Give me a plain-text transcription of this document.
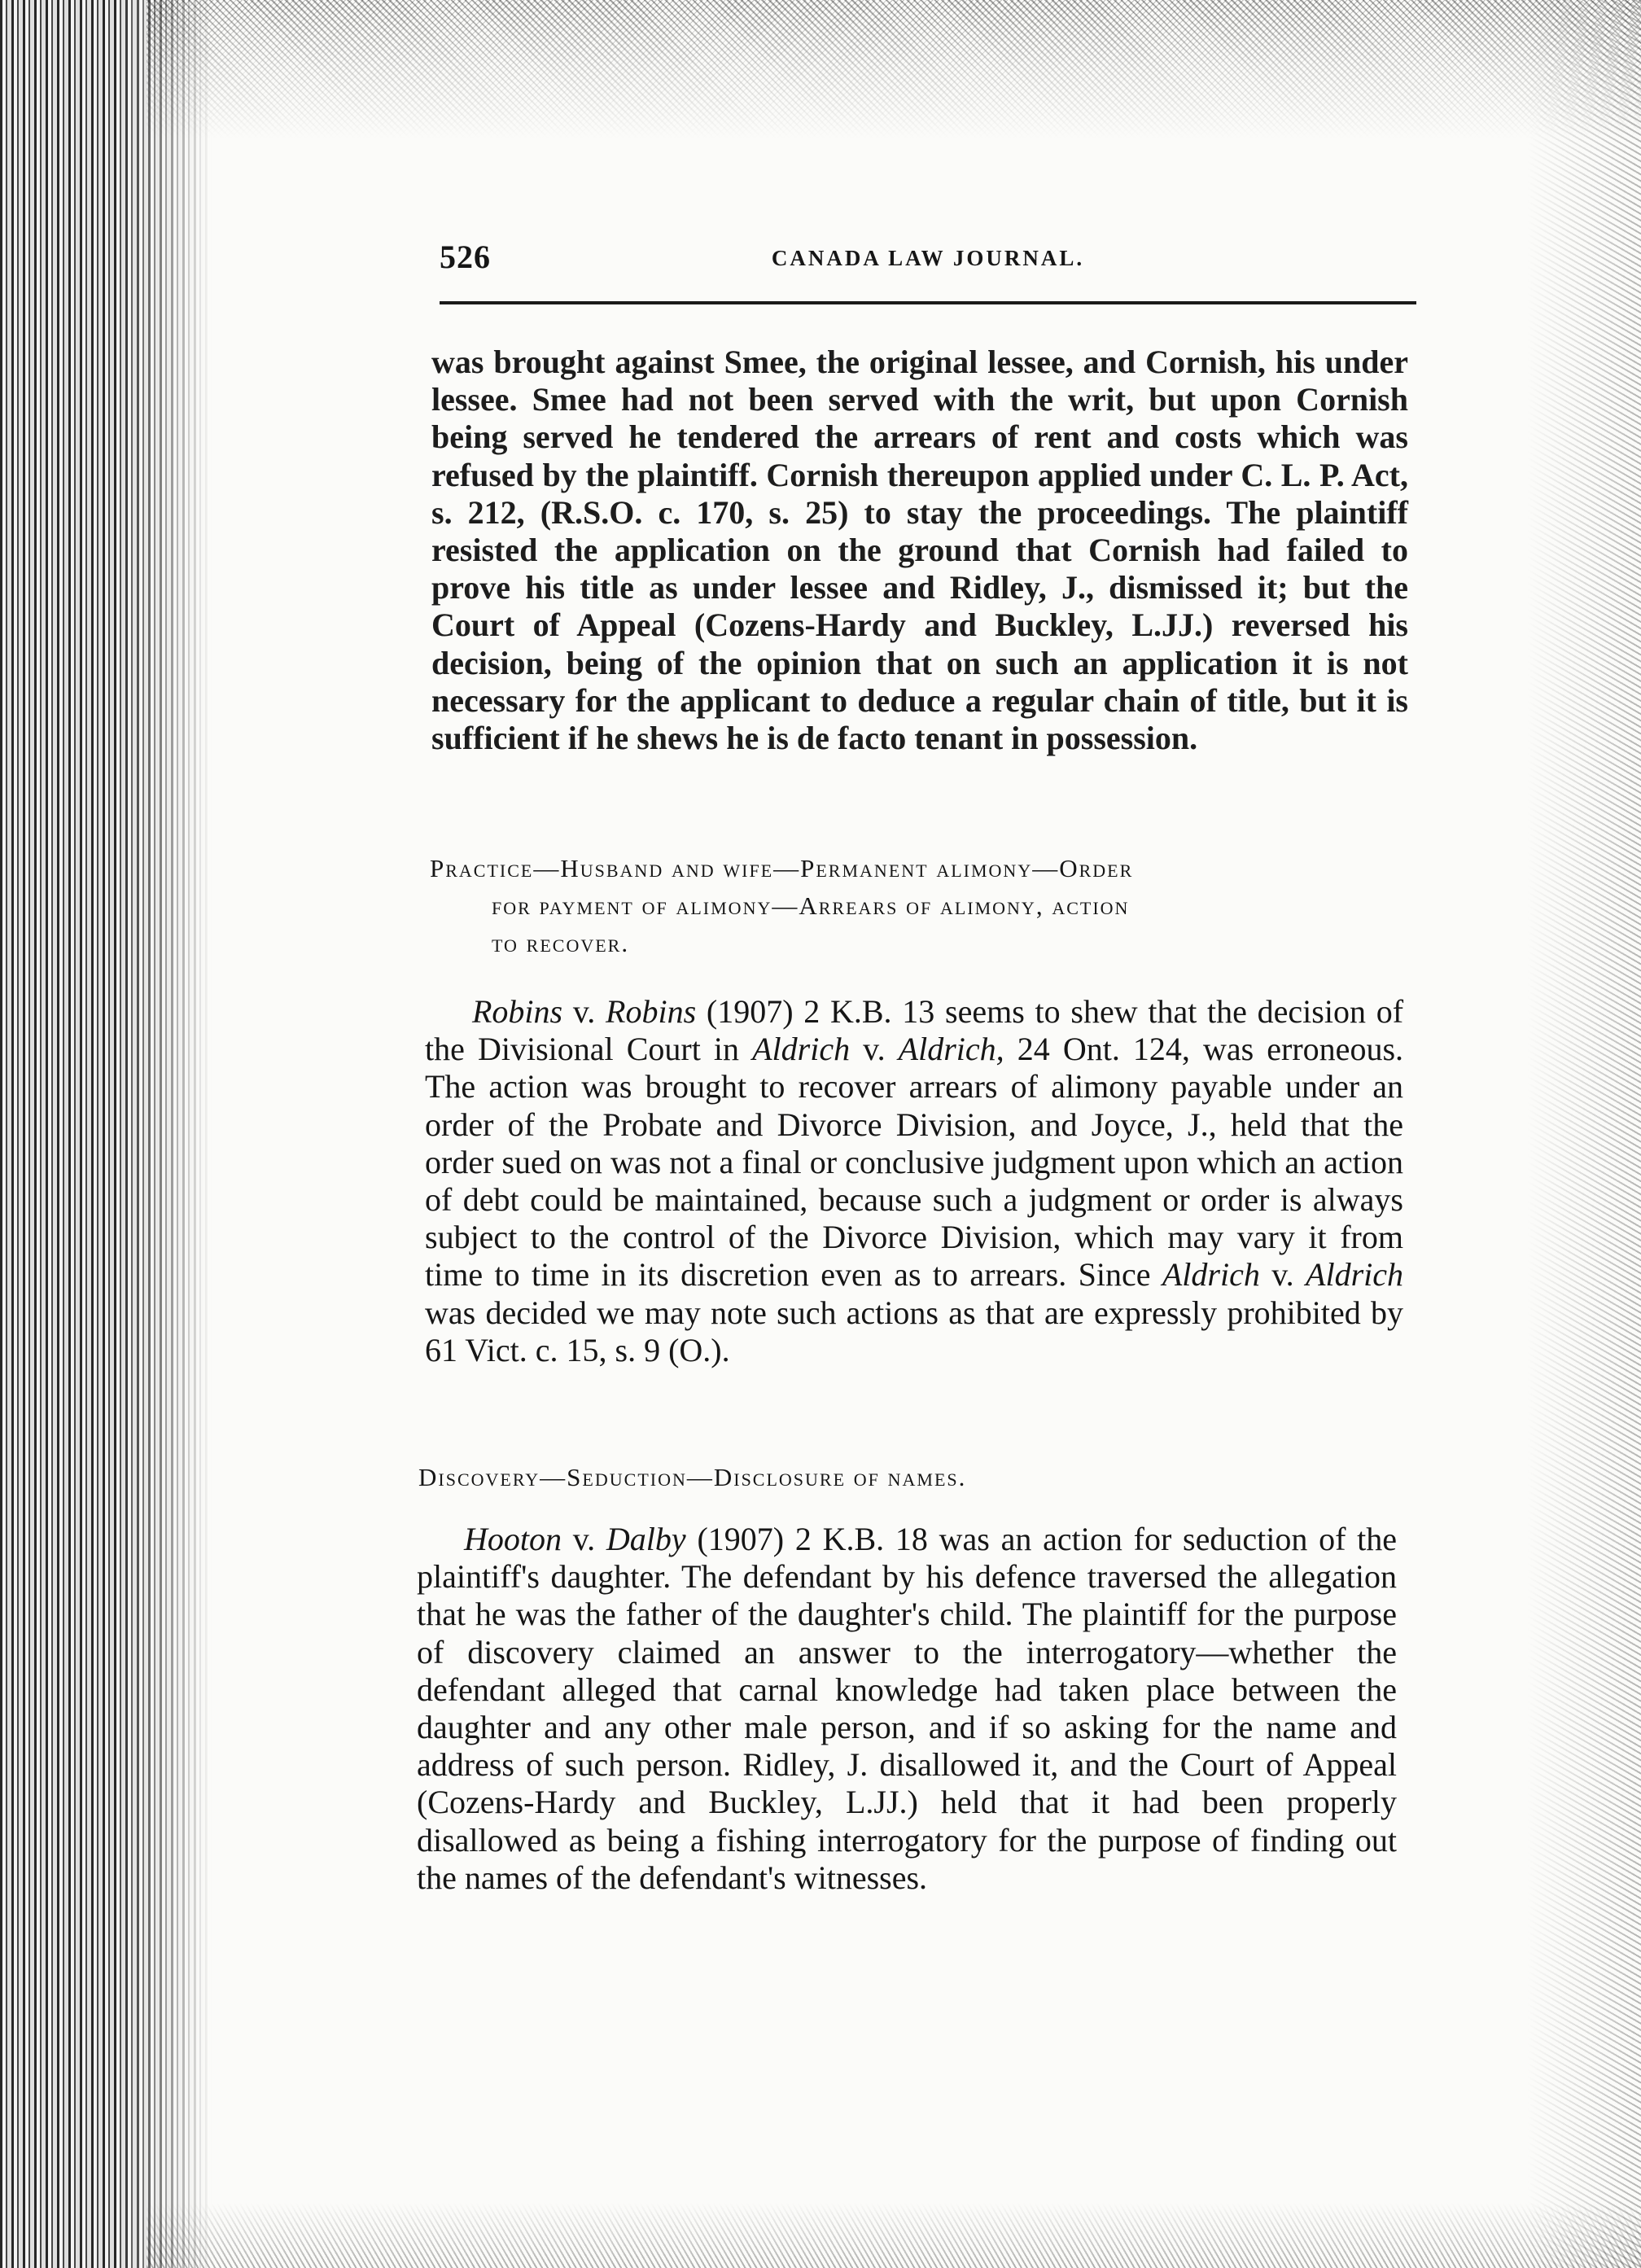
526	CANADA LAW JOURNAL.

was brought against Smee, the original lessee, and Cornish, his under lessee. Smee had not been served with the writ, but upon Cornish being served he tendered the arrears of rent and costs which was refused by the plaintiff. Cornish thereupon applied under C. L. P. Act, s. 212, (R.S.O. c. 170, s. 25) to stay the proceedings. The plaintiff resisted the application on the ground that Cornish had failed to prove his title as under lessee and Ridley, J., dismissed it; but the Court of Appeal (Cozens-Hardy and Buckley, L.JJ.) reversed his decision, being of the opinion that on such an application it is not necessary for the applicant to deduce a regular chain of title, but it is sufficient if he shews he is de facto tenant in possession.

Practice—Husband and wife—Permanent alimony—Order
for payment of alimony—Arrears of alimony, action
to recover.

Robins v. Robins (1907) 2 K.B. 13 seems to shew that the decision of the Divisional Court in Aldrich v. Aldrich, 24 Ont. 124, was erroneous. The action was brought to recover arrears of alimony payable under an order of the Probate and Divorce Division, and Joyce, J., held that the order sued on was not a final or conclusive judgment upon which an action of debt could be maintained, because such a judgment or order is always subject to the control of the Divorce Division, which may vary it from time to time in its discretion even as to arrears. Since Aldrich v. Aldrich was decided we may note such actions as that are expressly prohibited by 61 Vict. c. 15, s. 9 (O.).

Discovery—Seduction—Disclosure of names.

Hooton v. Dalby (1907) 2 K.B. 18 was an action for seduction of the plaintiff's daughter. The defendant by his defence traversed the allegation that he was the father of the daughter's child. The plaintiff for the purpose of discovery claimed an answer to the interrogatory—whether the defendant alleged that carnal knowledge had taken place between the daughter and any other male person, and if so asking for the name and address of such person. Ridley, J. disallowed it, and the Court of Appeal (Cozens-Hardy and Buckley, L.JJ.) held that it had been properly disallowed as being a fishing interrogatory for the purpose of finding out the names of the defendant's witnesses.
